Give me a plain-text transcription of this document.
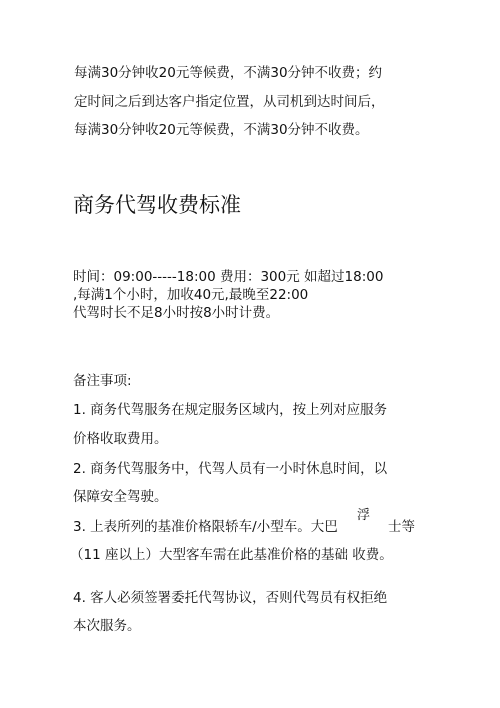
每满30分钟收20元等候费，不满30分钟不收费；约
定时间之后到达客户指定位置，从司机到达时间后，
每满30分钟收20元等候费，不满30分钟不收费。
商务代驾收费标准
时间：09:00-----18:00 费用：300元 如超过18:00
,每满1个小时，加收40元,最晚至22:00
代驾时长不足8小时按8小时计费。
备注事项:
1. 商务代驾服务在规定服务区域内，按上列对应服务
价格收取费用。
2. 商务代驾服务中，代驾人员有一小时休息时间，以
保障安全驾驶。
3. 上表所列的基准价格限轿车/小型车。大巴
浮
士等
（11 座以上）大型客车需在此基准价格的基础 收费。
4. 客人必须签署委托代驾协议，否则代驾员有权拒绝
本次服务。
